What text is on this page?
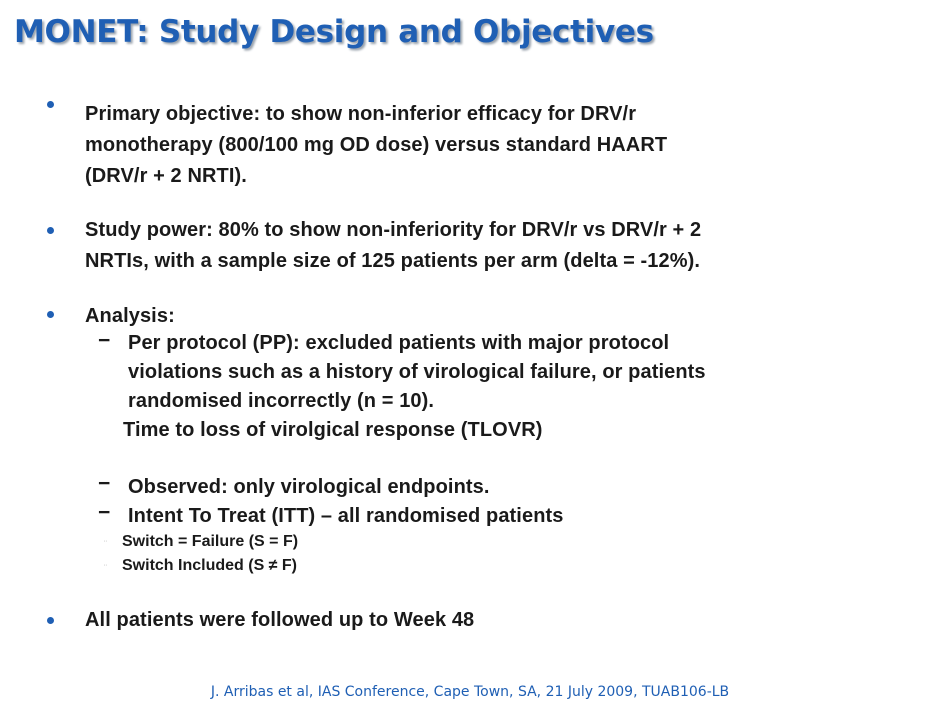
MONET: Study Design and Objectives
Primary objective: to show non-inferior efficacy for DRV/r
monotherapy (800/100 mg OD dose) versus standard HAART
(DRV/r + 2 NRTI).
Study power: 80% to show non-inferiority for DRV/r vs DRV/r + 2
NRTIs, with a sample size of 125 patients per arm (delta = -12%).
Analysis:
− Per protocol (PP): excluded patients with major protocol
violations such as a history of virological failure, or patients
randomised incorrectly (n = 10).
Time to loss of virolgical response (TLOVR)
− Observed: only virological endpoints.
− Intent To Treat (ITT) – all randomised patients
¨ Switch = Failure (S = F)
¨ Switch Included (S ≠ F)
All patients were followed up to Week 48
J. Arribas et al, IAS Conference, Cape Town, SA, 21 July 2009, TUAB106-LB
